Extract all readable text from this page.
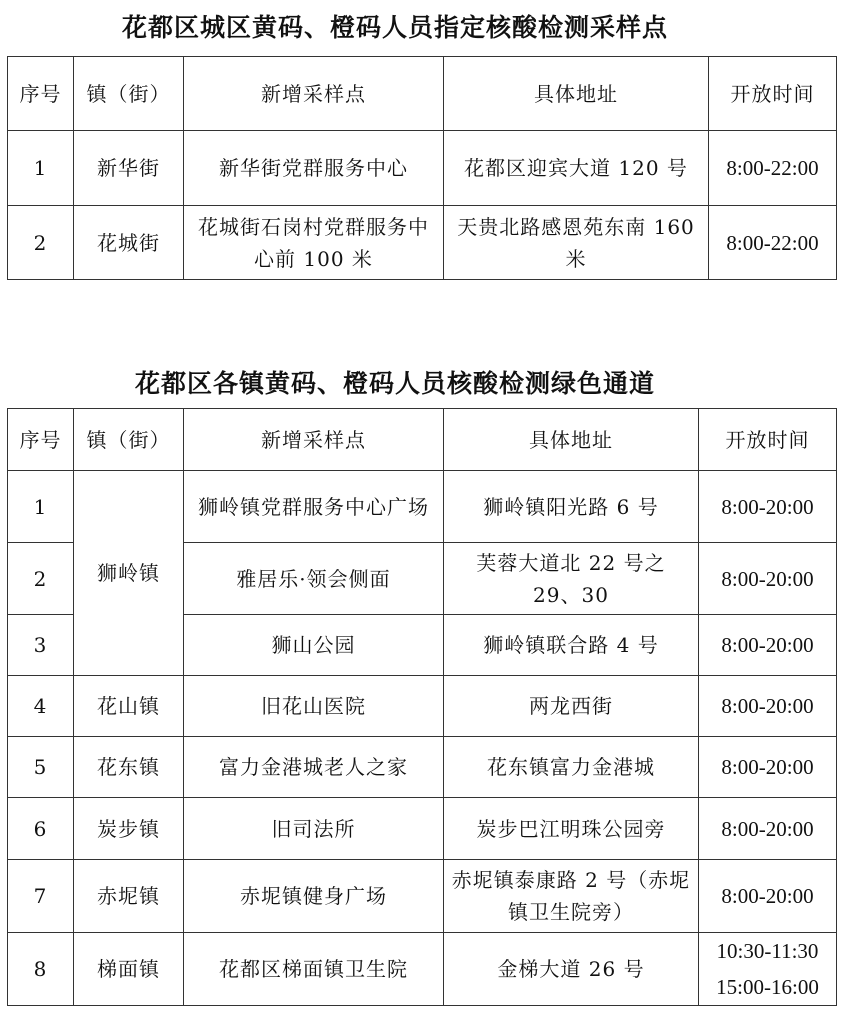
花都区城区黄码、橙码人员指定核酸检测采样点
序号	镇（街）	新增采样点	具体地址	开放时间
1	新华街	新华街党群服务中心	花都区迎宾大道 120 号	8:00-22:00
2	花城街	花城街石岗村党群服务中心前 100 米	天贵北路感恩苑东南 160 米	8:00-22:00
花都区各镇黄码、橙码人员核酸检测绿色通道
序号	镇（街）	新增采样点	具体地址	开放时间
1	狮岭镇	狮岭镇党群服务中心广场	狮岭镇阳光路 6 号	8:00-20:00
2		雅居乐·领会侧面	芙蓉大道北 22 号之 29、30	8:00-20:00
3		狮山公园	狮岭镇联合路 4 号	8:00-20:00
4	花山镇	旧花山医院	两龙西街	8:00-20:00
5	花东镇	富力金港城老人之家	花东镇富力金港城	8:00-20:00
6	炭步镇	旧司法所	炭步巴江明珠公园旁	8:00-20:00
7	赤坭镇	赤坭镇健身广场	赤坭镇泰康路 2 号（赤坭镇卫生院旁）	8:00-20:00
8	梯面镇	花都区梯面镇卫生院	金梯大道 26 号	10:30-11:30
15:00-16:00
